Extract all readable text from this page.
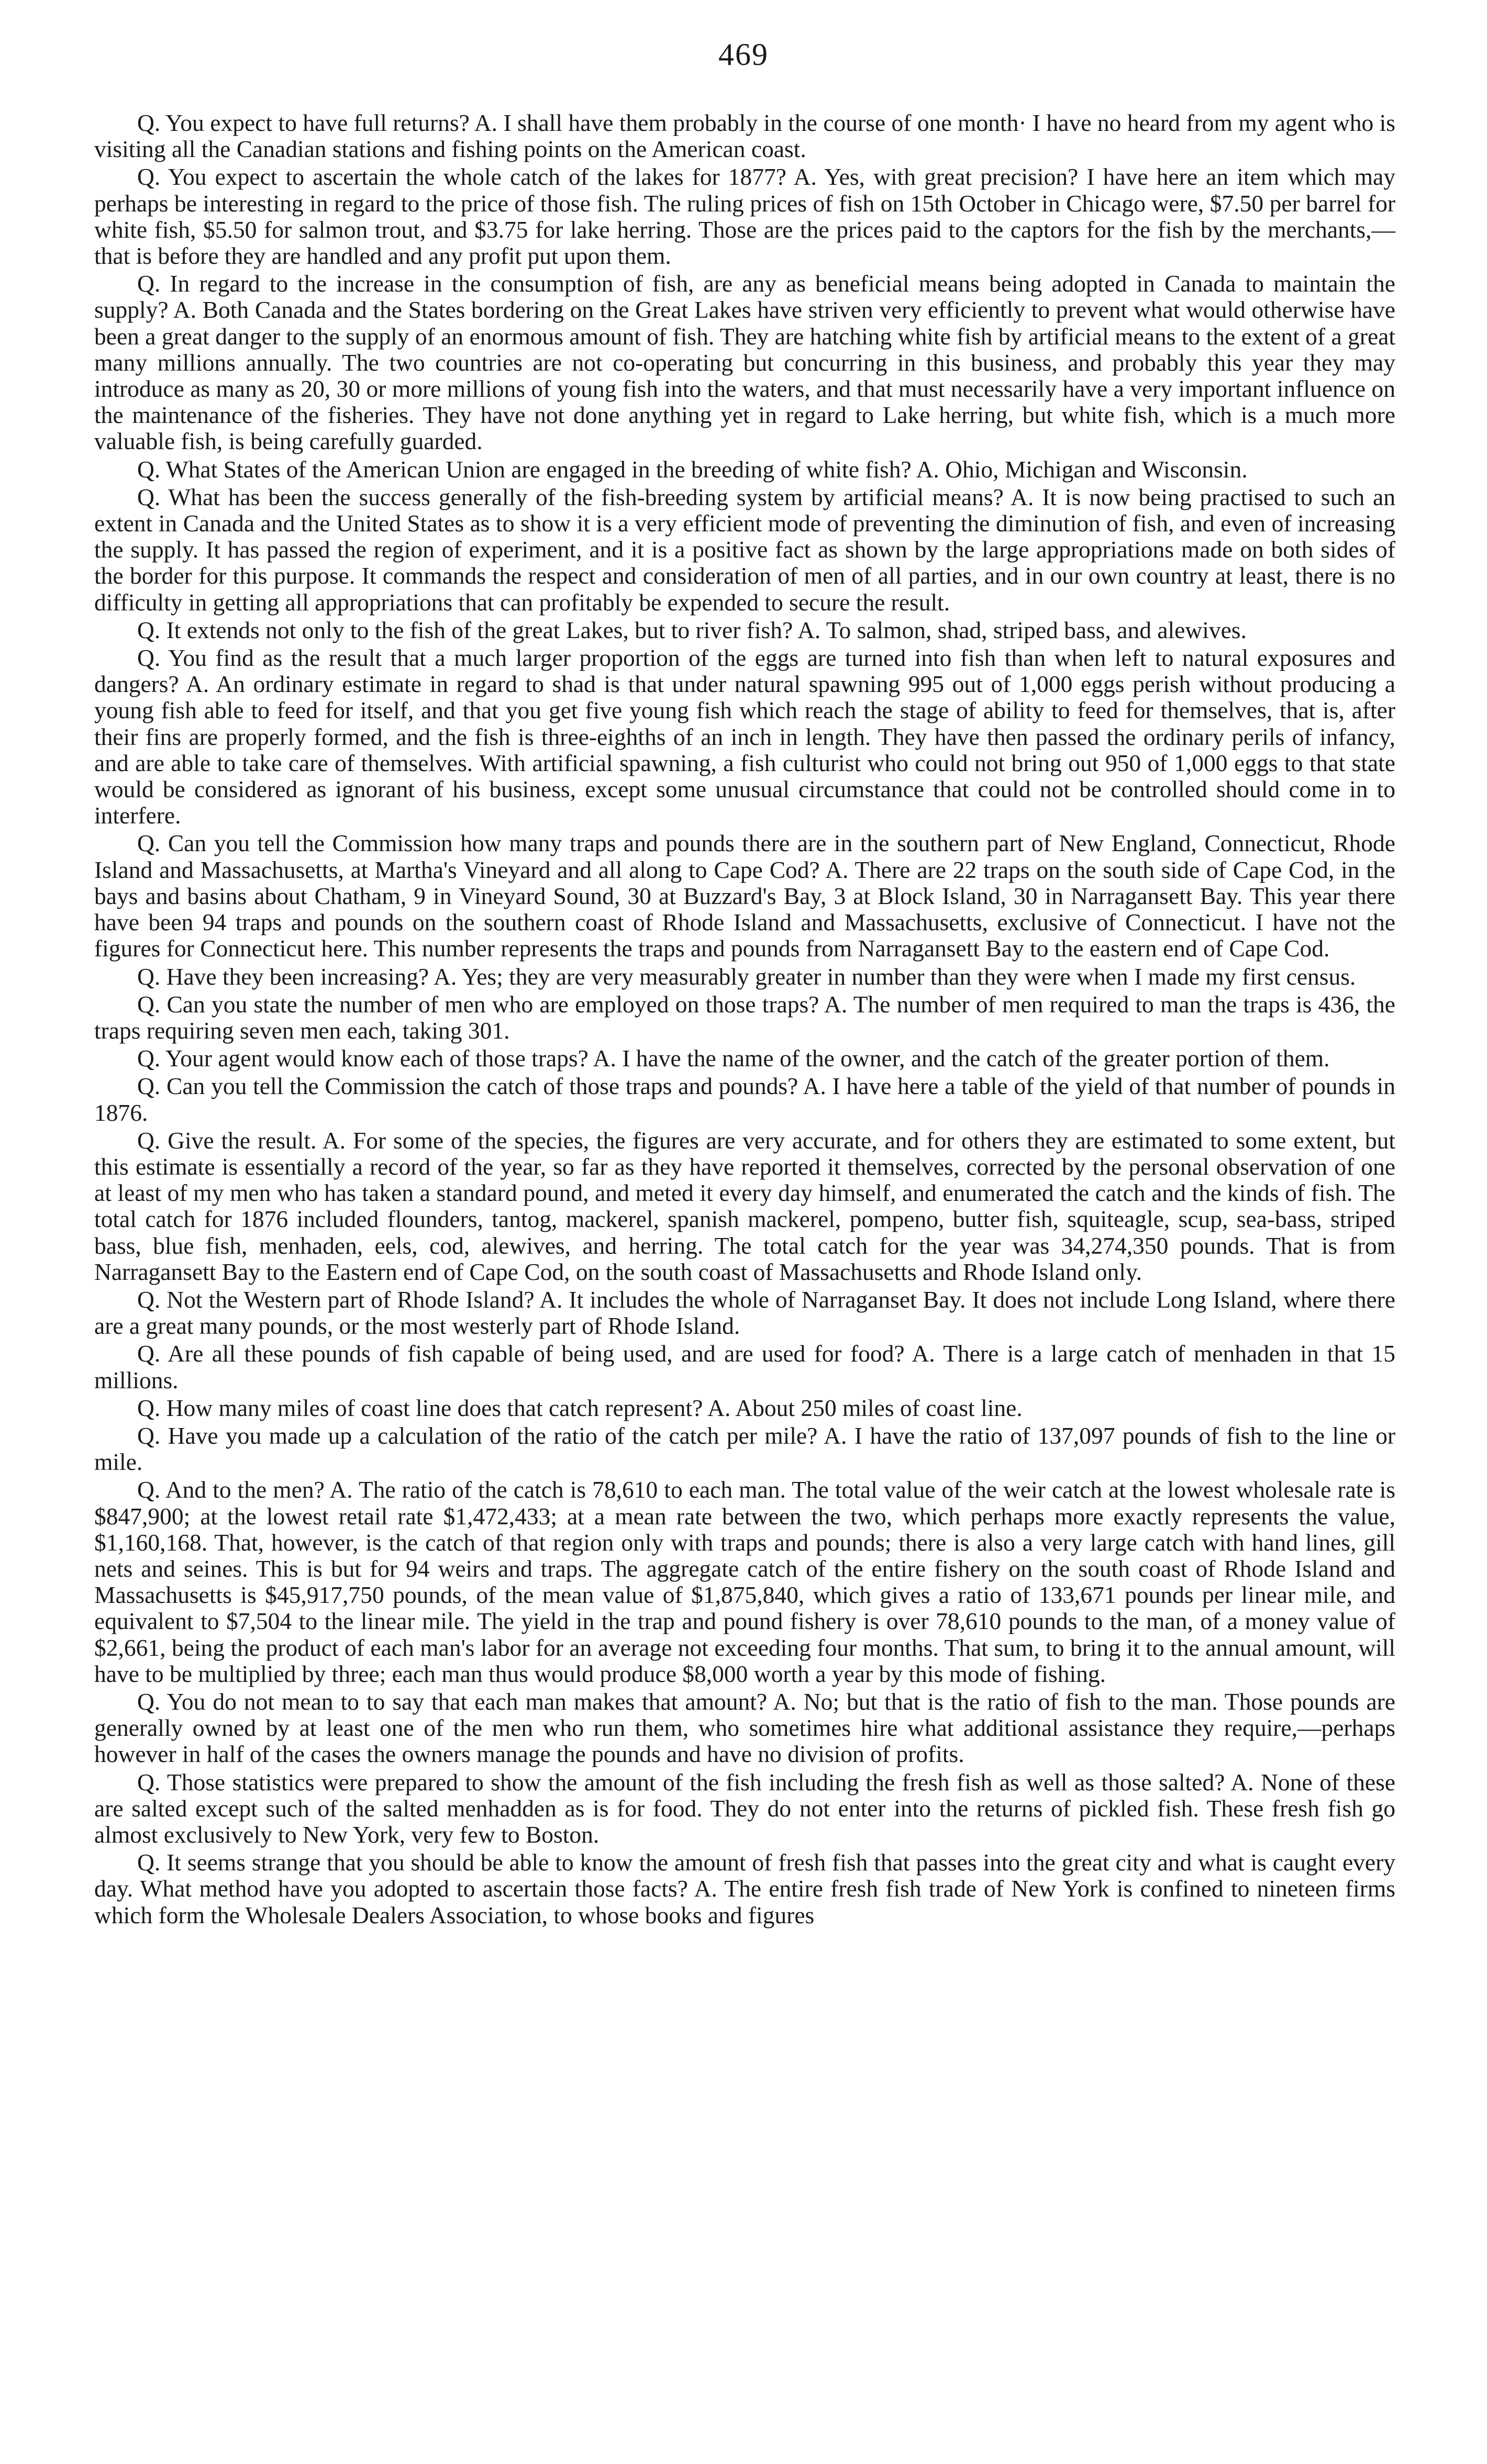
469

Q. You expect to have full returns? A. I shall have them probably in the course of one month· I have no heard from my agent who is visiting all the Canadian stations and fishing points on the American coast.

Q. You expect to ascertain the whole catch of the lakes for 1877? A. Yes, with great precision? I have here an item which may perhaps be interesting in regard to the price of those fish. The ruling prices of fish on 15th October in Chicago were, $7.50 per barrel for white fish, $5.50 for salmon trout, and $3.75 for lake herring. Those are the prices paid to the captors for the fish by the merchants,—that is before they are handled and any profit put upon them.

Q. In regard to the increase in the consumption of fish, are any as beneficial means being adopted in Canada to maintain the supply? A. Both Canada and the States bordering on the Great Lakes have striven very efficiently to prevent what would otherwise have been a great danger to the supply of an enormous amount of fish. They are hatching white fish by artificial means to the extent of a great many millions annually. The two countries are not co-operating but concurring in this business, and probably this year they may introduce as many as 20, 30 or more millions of young fish into the waters, and that must necessarily have a very important influence on the maintenance of the fisheries. They have not done anything yet in regard to Lake herring, but white fish, which is a much more valuable fish, is being carefully guarded.

Q. What States of the American Union are engaged in the breeding of white fish? A. Ohio, Michigan and Wisconsin.

Q. What has been the success generally of the fish-breeding system by artificial means? A. It is now being practised to such an extent in Canada and the United States as to show it is a very efficient mode of preventing the diminution of fish, and even of increasing the supply. It has passed the region of experiment, and it is a positive fact as shown by the large appropriations made on both sides of the border for this purpose. It commands the respect and consideration of men of all parties, and in our own country at least, there is no difficulty in getting all appropriations that can profitably be expended to secure the result.

Q. It extends not only to the fish of the great Lakes, but to river fish? A. To salmon, shad, striped bass, and alewives.

Q. You find as the result that a much larger proportion of the eggs are turned into fish than when left to natural exposures and dangers? A. An ordinary estimate in regard to shad is that under natural spawning 995 out of 1,000 eggs perish without producing a young fish able to feed for itself, and that you get five young fish which reach the stage of ability to feed for themselves, that is, after their fins are properly formed, and the fish is three-eighths of an inch in length. They have then passed the ordinary perils of infancy, and are able to take care of themselves. With artificial spawning, a fish culturist who could not bring out 950 of 1,000 eggs to that state would be considered as ignorant of his business, except some unusual circumstance that could not be controlled should come in to interfere.

Q. Can you tell the Commission how many traps and pounds there are in the southern part of New England, Connecticut, Rhode Island and Massachusetts, at Martha's Vineyard and all along to Cape Cod? A. There are 22 traps on the south side of Cape Cod, in the bays and basins about Chatham, 9 in Vineyard Sound, 30 at Buzzard's Bay, 3 at Block Island, 30 in Narragansett Bay. This year there have been 94 traps and pounds on the southern coast of Rhode Island and Massachusetts, exclusive of Connecticut. I have not the figures for Connecticut here. This number represents the traps and pounds from Narragansett Bay to the eastern end of Cape Cod.

Q. Have they been increasing? A. Yes; they are very measurably greater in number than they were when I made my first census.

Q. Can you state the number of men who are employed on those traps? A. The number of men required to man the traps is 436, the traps requiring seven men each, taking 301.

Q. Your agent would know each of those traps? A. I have the name of the owner, and the catch of the greater portion of them.

Q. Can you tell the Commission the catch of those traps and pounds? A. I have here a table of the yield of that number of pounds in 1876.

Q. Give the result. A. For some of the species, the figures are very accurate, and for others they are estimated to some extent, but this estimate is essentially a record of the year, so far as they have reported it themselves, corrected by the personal observation of one at least of my men who has taken a standard pound, and meted it every day himself, and enumerated the catch and the kinds of fish. The total catch for 1876 included flounders, tantog, mackerel, spanish mackerel, pompeno, butter fish, squiteagle, scup, sea-bass, striped bass, blue fish, menhaden, eels, cod, alewives, and herring. The total catch for the year was 34,274,350 pounds. That is from Narragansett Bay to the Eastern end of Cape Cod, on the south coast of Massachusetts and Rhode Island only.

Q. Not the Western part of Rhode Island? A. It includes the whole of Narraganset Bay. It does not include Long Island, where there are a great many pounds, or the most westerly part of Rhode Island.

Q. Are all these pounds of fish capable of being used, and are used for food? A. There is a large catch of menhaden in that 15 millions.

Q. How many miles of coast line does that catch represent? A. About 250 miles of coast line.

Q. Have you made up a calculation of the ratio of the catch per mile? A. I have the ratio of 137,097 pounds of fish to the line or mile.

Q. And to the men? A. The ratio of the catch is 78,610 to each man. The total value of the weir catch at the lowest wholesale rate is $847,900; at the lowest retail rate $1,472,433; at a mean rate between the two, which perhaps more exactly represents the value, $1,160,168. That, however, is the catch of that region only with traps and pounds; there is also a very large catch with hand lines, gill nets and seines. This is but for 94 weirs and traps. The aggregate catch of the entire fishery on the south coast of Rhode Island and Massachusetts is $45,917,750 pounds, of the mean value of $1,875,840, which gives a ratio of 133,671 pounds per linear mile, and equivalent to $7,504 to the linear mile. The yield in the trap and pound fishery is over 78,610 pounds to the man, of a money value of $2,661, being the product of each man's labor for an average not exceeding four months. That sum, to bring it to the annual amount, will have to be multiplied by three; each man thus would produce $8,000 worth a year by this mode of fishing.

Q. You do not mean to to say that each man makes that amount? A. No; but that is the ratio of fish to the man. Those pounds are generally owned by at least one of the men who run them, who sometimes hire what additional assistance they require,—perhaps however in half of the cases the owners manage the pounds and have no division of profits.

Q. Those statistics were prepared to show the amount of the fish including the fresh fish as well as those salted? A. None of these are salted except such of the salted menhadden as is for food. They do not enter into the returns of pickled fish. These fresh fish go almost exclusively to New York, very few to Boston.

Q. It seems strange that you should be able to know the amount of fresh fish that passes into the great city and what is caught every day. What method have you adopted to ascertain those facts? A. The entire fresh fish trade of New York is confined to nineteen firms which form the Wholesale Dealers Association, to whose books and figures
